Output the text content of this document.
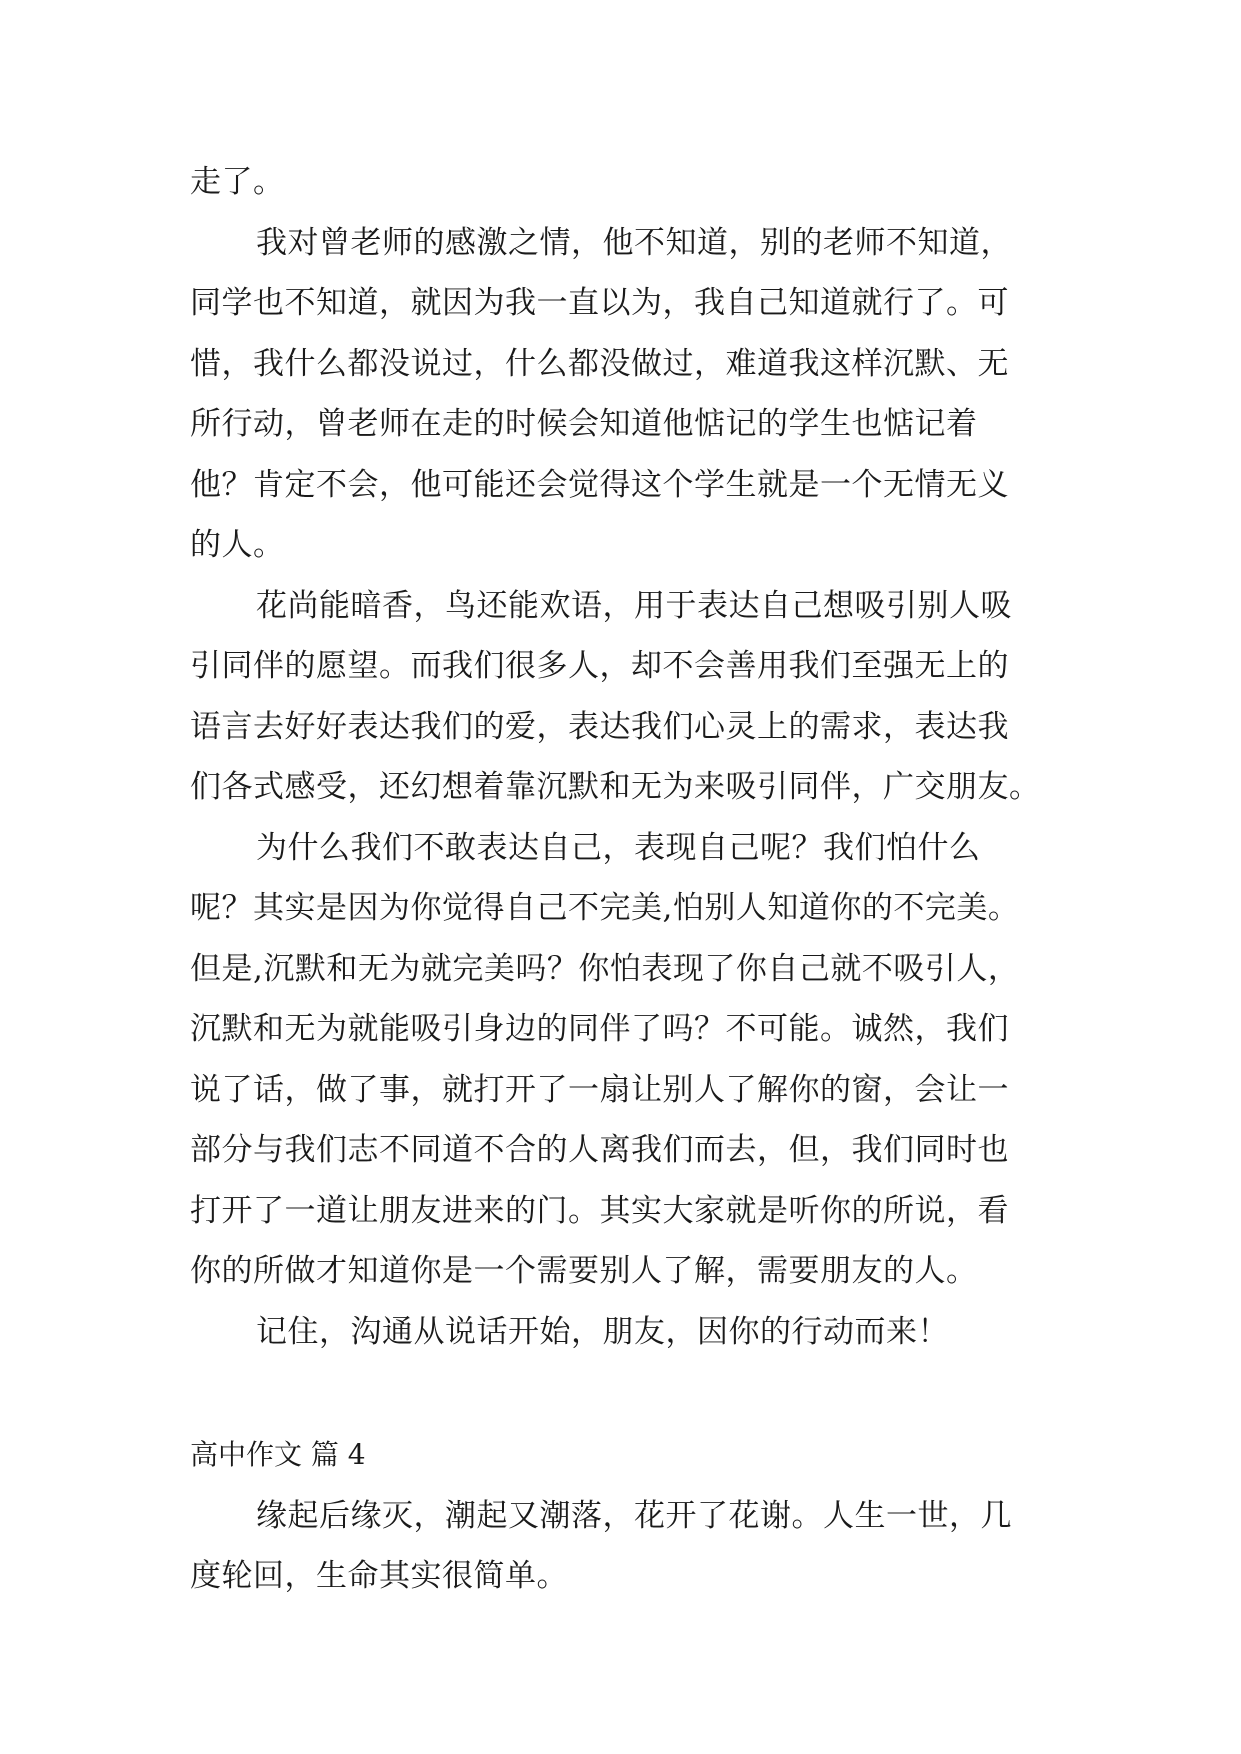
走了。
我对曾老师的感激之情，他不知道，别的老师不知道，
同学也不知道，就因为我一直以为，我自己知道就行了。可
惜，我什么都没说过，什么都没做过，难道我这样沉默、无
所行动，曾老师在走的时候会知道他惦记的学生也惦记着
他？肯定不会，他可能还会觉得这个学生就是一个无情无义
的人。
花尚能暗香，鸟还能欢语，用于表达自己想吸引别人吸
引同伴的愿望。而我们很多人，却不会善用我们至强无上的
语言去好好表达我们的爱，表达我们心灵上的需求，表达我
们各式感受，还幻想着靠沉默和无为来吸引同伴，广交朋友。
为什么我们不敢表达自己，表现自己呢？我们怕什么
呢？其实是因为你觉得自己不完美,怕别人知道你的不完美。
但是,沉默和无为就完美吗？你怕表现了你自己就不吸引人，
沉默和无为就能吸引身边的同伴了吗？不可能。诚然，我们
说了话，做了事，就打开了一扇让别人了解你的窗，会让一
部分与我们志不同道不合的人离我们而去，但，我们同时也
打开了一道让朋友进来的门。其实大家就是听你的所说，看
你的所做才知道你是一个需要别人了解，需要朋友的人。
记住，沟通从说话开始，朋友，因你的行动而来！
高中作文 篇 4
缘起后缘灭，潮起又潮落，花开了花谢。人生一世，几
度轮回，生命其实很简单。
